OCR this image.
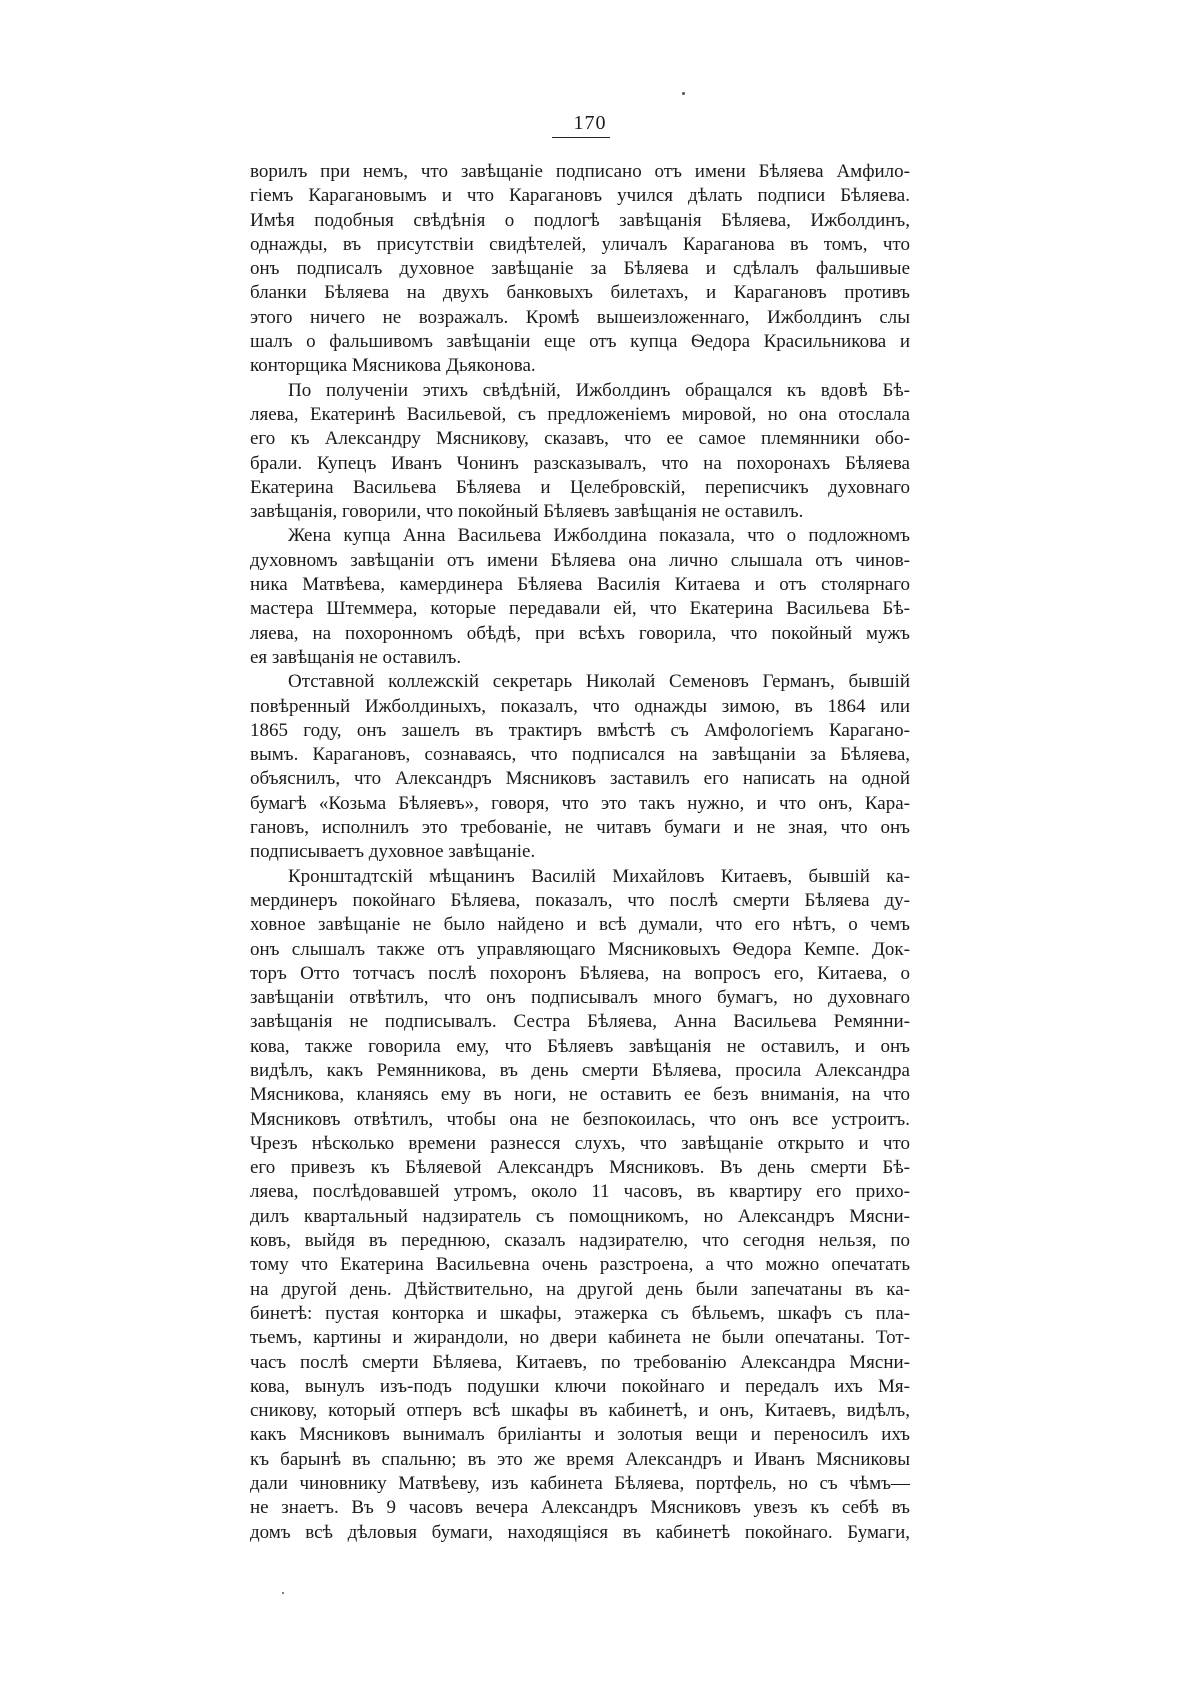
170
ворилъ при немъ, что завѣщаніе подписано отъ имени Бѣляева Амфило-
гіемъ Карагановымъ и что Карагановъ учился дѣлать подписи Бѣляева.
Имѣя подобныя свѣдѣнія о подлогѣ завѣщанія Бѣляева, Ижболдинъ,
однажды, въ присутствіи свидѣтелей, уличалъ Караганова въ томъ, что
онъ подписалъ духовное завѣщаніе за Бѣляева и сдѣлалъ фальшивые
бланки Бѣляева на двухъ банковыхъ билетахъ, и Карагановъ противъ
этого ничего не возражалъ. Кромѣ вышеизложеннаго, Ижболдинъ слы
шалъ о фальшивомъ завѣщаніи еще отъ купца Ѳедора Красильникова и
конторщика Мясникова Дьяконова.
По полученіи этихъ свѣдѣній, Ижболдинъ обращался къ вдовѣ Бѣ-
ляева, Екатеринѣ Васильевой, съ предложеніемъ мировой, но она отослала
его къ Александру Мясникову, сказавъ, что ее самое племянники обо-
брали. Купецъ Иванъ Чонинъ разсказывалъ, что на похоронахъ Бѣляева
Екатерина Васильева Бѣляева и Целебровскій, переписчикъ духовнаго
завѣщанія, говорили, что покойный Бѣляевъ завѣщанія не оставилъ.
Жена купца Анна Васильева Ижболдина показала, что о подложномъ
духовномъ завѣщаніи отъ имени Бѣляева она лично слышала отъ чинов-
ника Матвѣева, камердинера Бѣляева Василія Китаева и отъ столярнаго
мастера Штеммера, которые передавали ей, что Екатерина Васильева Бѣ-
ляева, на похоронномъ обѣдѣ, при всѣхъ говорила, что покойный мужъ
ея завѣщанія не оставилъ.
Отставной коллежскій секретарь Николай Семеновъ Германъ, бывшій
повѣренный Ижболдиныхъ, показалъ, что однажды зимою, въ 1864 или
1865 году, онъ зашелъ въ трактиръ вмѣстѣ съ Амфологіемъ Карагано-
вымъ. Карагановъ, сознаваясь, что подписался на завѣщаніи за Бѣляева,
объяснилъ, что Александръ Мясниковъ заставилъ его написать на одной
бумагѣ «Козьма Бѣляевъ», говоря, что это такъ нужно, и что онъ, Кара-
гановъ, исполнилъ это требованіе, не читавъ бумаги и не зная, что онъ
подписываетъ духовное завѣщаніе.
Кронштадтскій мѣщанинъ Василій Михайловъ Китаевъ, бывшій ка-
мердинеръ покойнаго Бѣляева, показалъ, что послѣ смерти Бѣляева ду-
ховное завѣщаніе не было найдено и всѣ думали, что его нѣтъ, о чемъ
онъ слышалъ также отъ управляющаго Мясниковыхъ Ѳедора Кемпе. Док-
торъ Отто тотчасъ послѣ похоронъ Бѣляева, на вопросъ его, Китаева, о
завѣщаніи отвѣтилъ, что онъ подписывалъ много бумагъ, но духовнаго
завѣщанія не подписывалъ. Сестра Бѣляева, Анна Васильева Ремянни-
кова, также говорила ему, что Бѣляевъ завѣщанія не оставилъ, и онъ
видѣлъ, какъ Ремянникова, въ день смерти Бѣляева, просила Александра
Мясникова, кланяясь ему въ ноги, не оставить ее безъ вниманія, на что
Мясниковъ отвѣтилъ, чтобы она не безпокоилась, что онъ все устроитъ.
Чрезъ нѣсколько времени разнесся слухъ, что завѣщаніе открыто и что
его привезъ къ Бѣляевой Александръ Мясниковъ. Въ день смерти Бѣ-
ляева, послѣдовавшей утромъ, около 11 часовъ, въ квартиру его прихо-
дилъ квартальный надзиратель съ помощникомъ, но Александръ Мясни-
ковъ, выйдя въ переднюю, сказалъ надзирателю, что сегодня нельзя, по
тому что Екатерина Васильевна очень разстроена, а что можно опечатать
на другой день. Дѣйствительно, на другой день были запечатаны въ ка-
бинетѣ: пустая конторка и шкафы, этажерка съ бѣльемъ, шкафъ съ пла-
тьемъ, картины и жирандоли, но двери кабинета не были опечатаны. Тот-
часъ послѣ смерти Бѣляева, Китаевъ, по требованію Александра Мясни-
кова, вынулъ изъ-подъ подушки ключи покойнаго и передалъ ихъ Мя-
сникову, который отперъ всѣ шкафы въ кабинетѣ, и онъ, Китаевъ, видѣлъ,
какъ Мясниковъ вынималъ бриліанты и золотыя вещи и переносилъ ихъ
къ барынѣ въ спальню; въ это же время Александръ и Иванъ Мясниковы
дали чиновнику Матвѣеву, изъ кабинета Бѣляева, портфель, но съ чѣмъ—
не знаетъ. Въ 9 часовъ вечера Александръ Мясниковъ увезъ къ себѣ въ
домъ всѣ дѣловыя бумаги, находящіяся въ кабинетѣ покойнаго. Бумаги,
